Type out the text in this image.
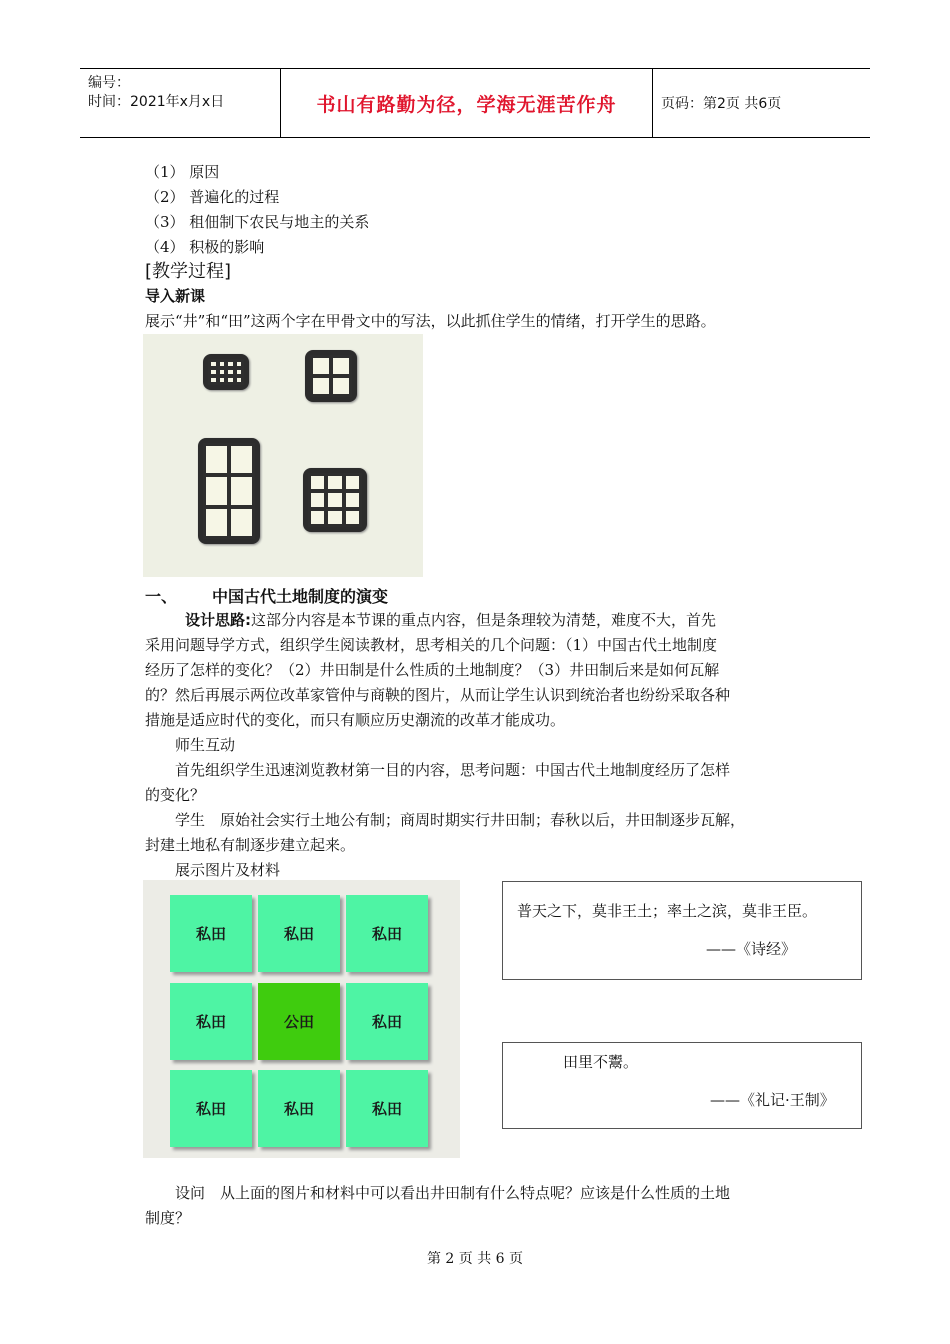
编号：
时间：2021年x月x日	书山有路勤为径，学海无涯苦作舟	页码：第2页 共6页
（1） 原因
（2） 普遍化的过程
（3） 租佃制下农民与地主的关系
（4） 积极的影响
[教学过程]
导入新课
展示“井”和“田”这两个字在甲骨文中的写法，以此抓住学生的情绪，打开学生的思路。
一、 中国古代土地制度的演变
设计思路:这部分内容是本节课的重点内容，但是条理较为清楚，难度不大，首先
采用问题导学方式，组织学生阅读教材，思考相关的几个问题：（1）中国古代土地制度
经历了怎样的变化？（2）井田制是什么性质的土地制度？（3）井田制后来是如何瓦解
的？然后再展示两位改革家管仲与商鞅的图片，从而让学生认识到统治者也纷纷采取各种
措施是适应时代的变化，而只有顺应历史潮流的改革才能成功。
师生互动
首先组织学生迅速浏览教材第一目的内容，思考问题：中国古代土地制度经历了怎样
的变化？
学生　原始社会实行土地公有制；商周时期实行井田制；春秋以后，井田制逐步瓦解，
封建土地私有制逐步建立起来。
展示图片及材料
私田	私田	私田
私田	公田	私田
私田	私田	私田
普天之下，莫非王土；率土之滨，莫非王臣。
——《诗经》
田里不鬻。
——《礼记·王制》
设问　从上面的图片和材料中可以看出井田制有什么特点呢？应该是什么性质的土地
制度？
第 2 页 共 6 页
